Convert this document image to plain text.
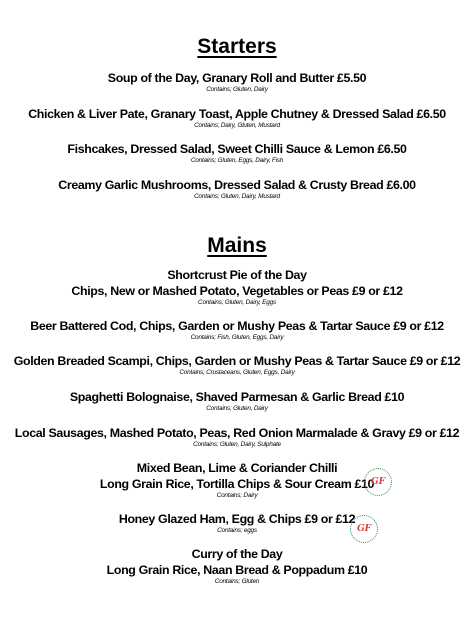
Starters
Soup of the Day, Granary Roll and Butter £5.50
Contains; Gluten, Dairy
Chicken & Liver Pate, Granary Toast, Apple Chutney & Dressed Salad £6.50
Contains; Dairy, Gluten, Mustard
Fishcakes, Dressed Salad, Sweet Chilli Sauce & Lemon £6.50
Contains; Gluten, Eggs, Dairy, Fish
Creamy Garlic Mushrooms, Dressed Salad & Crusty Bread £6.00
Contains; Gluten, Dairy, Mustard
Mains
Shortcrust Pie of the Day
Chips, New or Mashed Potato, Vegetables or Peas £9 or £12
Contains; Gluten, Dairy, Eggs
Beer Battered Cod, Chips, Garden or Mushy Peas & Tartar Sauce £9 or £12
Contains; Fish, Gluten, Eggs, Dairy
Golden Breaded Scampi, Chips, Garden or Mushy Peas & Tartar Sauce £9 or £12
Contains; Crustaceans, Gluten, Eggs, Dairy
Spaghetti Bolognaise, Shaved Parmesan & Garlic Bread £10
Contains; Gluten, Dairy
Local Sausages, Mashed Potato, Peas, Red Onion Marmalade & Gravy £9 or £12
Contains; Gluten, Dairy, Sulphate
Mixed Bean, Lime & Coriander Chilli
Long Grain Rice, Tortilla Chips & Sour Cream £10
Contains; Dairy
GF
Honey Glazed Ham, Egg & Chips £9 or £12
Contains; eggs	GF
Curry of the Day
Long Grain Rice, Naan Bread & Poppadum £10
Contains; Gluten
